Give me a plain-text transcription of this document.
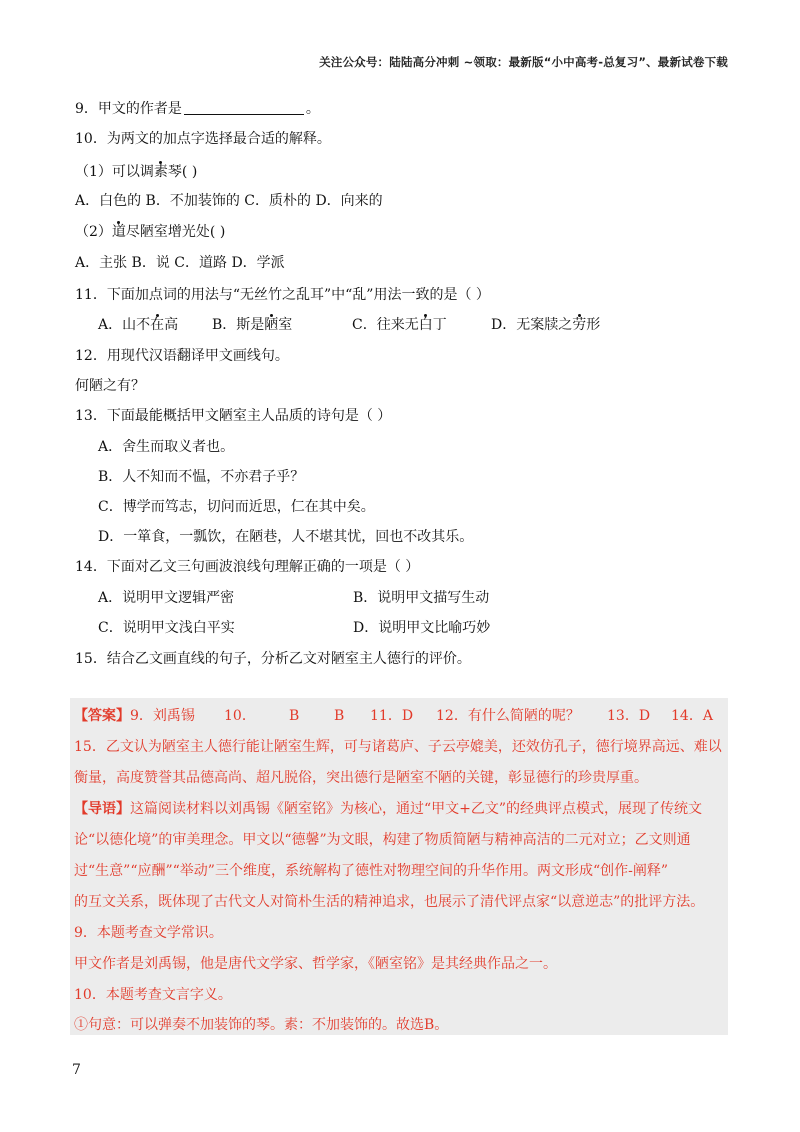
关注公众号：陆陆高分冲刺 ~领取：最新版“小中高考-总复习”、最新试卷下载
9．甲文的作者是	。
10．为两文的加点字选择最合适的解释。
（1）可以调素琴( )
A．白色的 B．不加装饰的 C．质朴的 D．向来的
（2）道尽陋室增光处( )
A．主张 B．说 C．道路 D．学派
11．下面加点词的用法与“无丝竹之乱耳”中“乱”用法一致的是（ ）
A．山不在高 B．斯是陋室	C．往来无白丁	D．无案牍之劳形
12．用现代汉语翻译甲文画线句。
何陋之有？
13．下面最能概括甲文陋室主人品质的诗句是（ ）
A．舍生而取义者也。
B．人不知而不愠，不亦君子乎？
C．博学而笃志，切问而近思，仁在其中矣。
D．一箪食，一瓢饮，在陋巷，人不堪其忧，回也不改其乐。
14．下面对乙文三句画波浪线句理解正确的一项是（ ）
A．说明甲文逻辑严密	B．说明甲文描写生动
C．说明甲文浅白平实	D．说明甲文比喻巧妙
15．结合乙文画直线的句子，分析乙文对陋室主人德行的评价。
【答案】9．刘禹锡 10． B B 11．D 12．有什么简陋的呢？ 13．D 14．A
15．乙文认为陋室主人德行能让陋室生辉，可与诸葛庐、子云亭媲美，还效仿孔子，德行境界高远、难以
衡量，高度赞誉其品德高尚、超凡脱俗，突出德行是陋室不陋的关键，彰显德行的珍贵厚重。
【导语】这篇阅读材料以刘禹锡《陋室铭》为核心，通过“甲文+乙文”的经典评点模式，展现了传统文
论“以德化境”的审美理念。甲文以“德馨”为文眼，构建了物质简陋与精神高洁的二元对立；乙文则通
过“生意”“应酬”“举动”三个维度，系统解构了德性对物理空间的升华作用。两文形成“创作-阐释”
的互文关系，既体现了古代文人对简朴生活的精神追求，也展示了清代评点家“以意逆志”的批评方法。
9．本题考查文学常识。
甲文作者是刘禹锡，他是唐代文学家、哲学家，《陋室铭》是其经典作品之一。
10．本题考查文言字义。
①句意：可以弹奏不加装饰的琴。素：不加装饰的。故选B。
7
